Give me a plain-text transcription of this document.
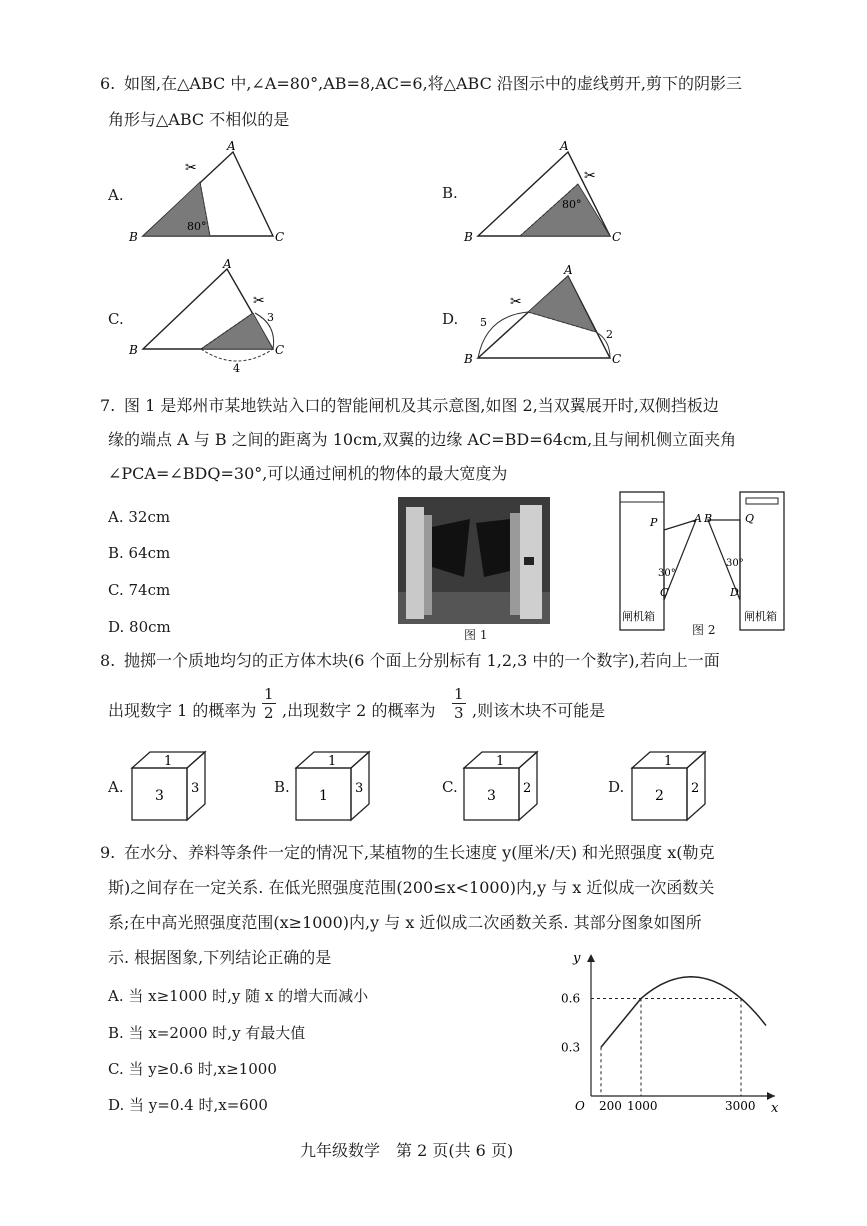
6. 如图,在△ABC 中,∠A=80°,AB=8,AC=6,将△ABC 沿图示中的虚线剪开,剪下的阴影三
角形与△ABC 不相似的是
A.
80°
A
B	C
✂
B.
80°
A
B	C
✂
C.	3
4
A
B	C
✂
D. 5
2
A
B	C
✂
7. 图 1 是郑州市某地铁站入口的智能闸机及其示意图,如图 2,当双翼展开时,双侧挡板边
缘的端点 A 与 B 之间的距离为 10cm,双翼的边缘 AC=BD=64cm,且与闸机侧立面夹角
∠PCA=∠BDQ=30°,可以通过闸机的物体的最大宽度为
A. 32cm
B. 64cm
C. 74cm
D. 80cm	图 1
P	A B	Q
C	D
30°
30°
闸机箱	闸机箱
图 2
8. 抛掷一个质地均匀的正方体木块(6 个面上分别标有 1,2,3 中的一个数字),若向上一面
出现数字 1 的概率为 $\frac{1}{2}$ ,出现数字 2 的概率为 $\frac{1}{3}$ ,则该木块不可能是
A.
1
3 3	B.
1
1 3	C.
1
3 2	D.
1
2 2
9. 在水分、养料等条件一定的情况下,某植物的生长速度 y(厘米/天) 和光照强度 x(勒克
斯)之间存在一定关系. 在低光照强度范围(200≤x<1000)内,y 与 x 近似成一次函数关
系;在中高光照强度范围(x≥1000)内,y 与 x 近似成二次函数关系. 其部分图象如图所
示. 根据图象,下列结论正确的是
A. 当 x≥1000 时,y 随 x 的增大而减小
B. 当 x=2000 时,y 有最大值
C. 当 y≥0.6 时,x≥1000
D. 当 y=0.4 时,x=600
y
x
O
0.6
0.3
200 1000	3000
九年级数学　第 2 页(共 6 页)
